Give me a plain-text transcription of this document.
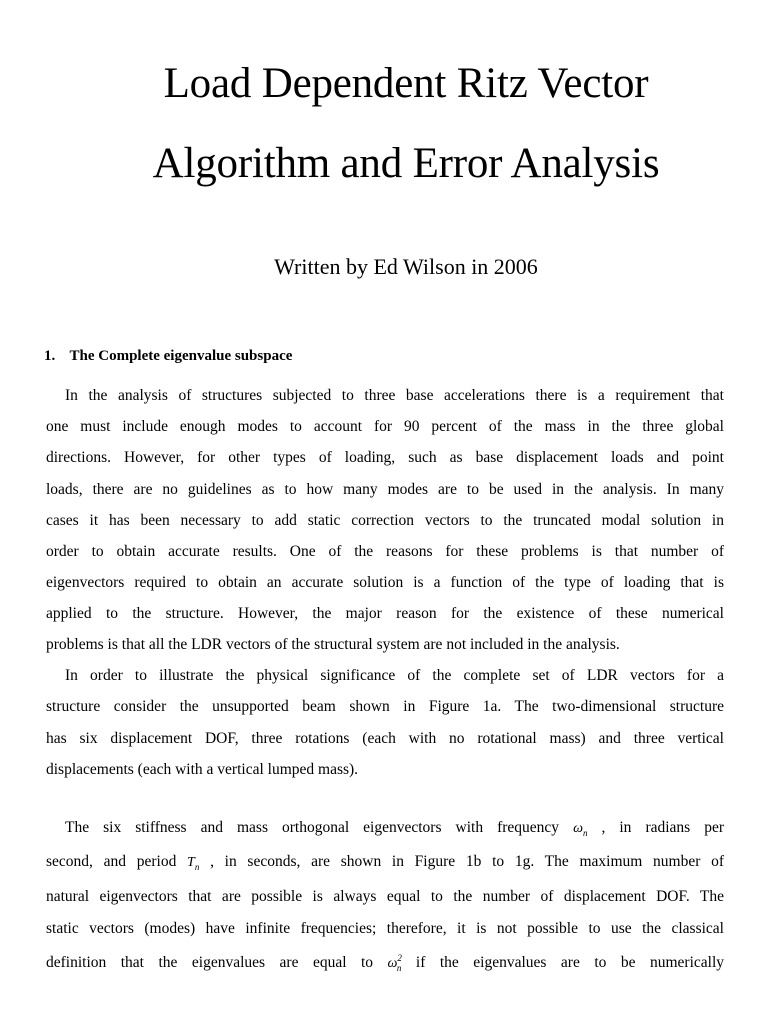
Load Dependent Ritz Vector
Algorithm and Error Analysis
Written by Ed Wilson in 2006
1. The Complete eigenvalue subspace
In the analysis of structures subjected to three base accelerations there is a requirement that
one must include enough modes to account for 90 percent of the mass in the three global
directions. However, for other types of loading, such as base displacement loads and point
loads, there are no guidelines as to how many modes are to be used in the analysis. In many
cases it has been necessary to add static correction vectors to the truncated modal solution in
order to obtain accurate results. One of the reasons for these problems is that number of
eigenvectors required to obtain an accurate solution is a function of the type of loading that is
applied to the structure. However, the major reason for the existence of these numerical
problems is that all the LDR vectors of the structural system are not included in the analysis.
In order to illustrate the physical significance of the complete set of LDR vectors for a
structure consider the unsupported beam shown in Figure 1a. The two-dimensional structure
has six displacement DOF, three rotations (each with no rotational mass) and three vertical
displacements (each with a vertical lumped mass).
The six stiffness and mass orthogonal eigenvectors with frequency $\omega_n$ , in radians per
second, and period $T_n$ , in seconds, are shown in Figure 1b to 1g. The maximum number of
natural eigenvectors that are possible is always equal to the number of displacement DOF. The
static vectors (modes) have infinite frequencies; therefore, it is not possible to use the classical
definition that the eigenvalues are equal to $\omega^2_n$ if the eigenvalues are to be numerically
